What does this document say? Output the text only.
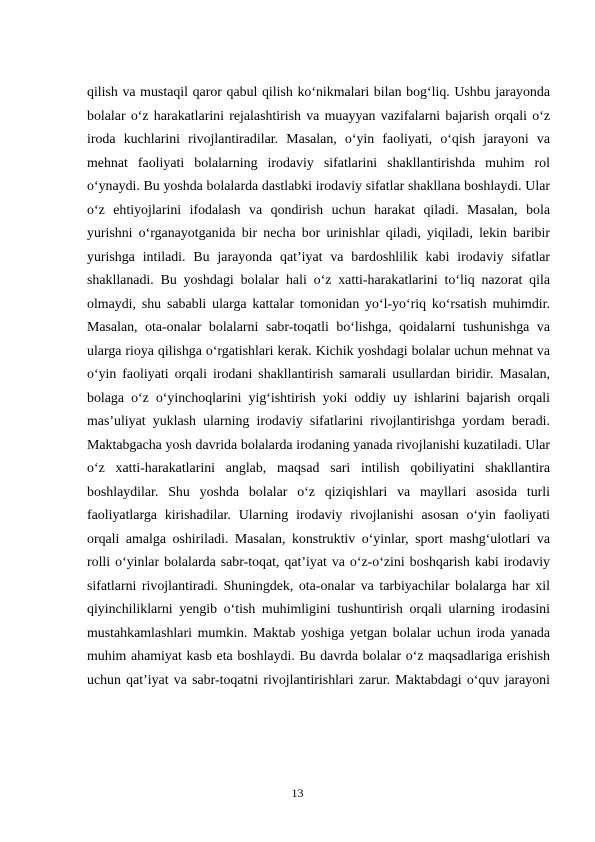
qilish va mustaqil qaror qabul qilish ko‘nikmalari bilan bog‘liq. Ushbu jarayonda
bolalar o‘z harakatlarini rejalashtirish va muayyan vazifalarni bajarish orqali o‘z
iroda kuchlarini rivojlantiradilar. Masalan, o‘yin faoliyati, o‘qish jarayoni va
mehnat faoliyati bolalarning irodaviy sifatlarini shakllantirishda muhim rol
o‘ynaydi. Bu yoshda bolalarda dastlabki irodaviy sifatlar shakllana boshlaydi. Ular
o‘z ehtiyojlarini ifodalash va qondirish uchun harakat qiladi. Masalan, bola
yurishni o‘rganayotganida bir necha bor urinishlar qiladi, yiqiladi, lekin baribir
yurishga intiladi. Bu jarayonda qat’iyat va bardoshlilik kabi irodaviy sifatlar
shakllanadi. Bu yoshdagi bolalar hali o‘z xatti-harakatlarini to‘liq nazorat qila
olmaydi, shu sababli ularga kattalar tomonidan yo‘l-yo‘riq ko‘rsatish muhimdir.
Masalan, ota-onalar bolalarni sabr-toqatli bo‘lishga, qoidalarni tushunishga va
ularga rioya qilishga o‘rgatishlari kerak. Kichik yoshdagi bolalar uchun mehnat va
o‘yin faoliyati orqali irodani shakllantirish samarali usullardan biridir. Masalan,
bolaga o‘z o‘yinchoqlarini yig‘ishtirish yoki oddiy uy ishlarini bajarish orqali
mas’uliyat yuklash ularning irodaviy sifatlarini rivojlantirishga yordam beradi.
Maktabgacha yosh davrida bolalarda irodaning yanada rivojlanishi kuzatiladi. Ular
o‘z xatti-harakatlarini anglab, maqsad sari intilish qobiliyatini shakllantira
boshlaydilar. Shu yoshda bolalar o‘z qiziqishlari va mayllari asosida turli
faoliyatlarga kirishadilar. Ularning irodaviy rivojlanishi asosan o‘yin faoliyati
orqali amalga oshiriladi. Masalan, konstruktiv o‘yinlar, sport mashg‘ulotlari va
rolli o‘yinlar bolalarda sabr-toqat, qat’iyat va o‘z-o‘zini boshqarish kabi irodaviy
sifatlarni rivojlantiradi. Shuningdek, ota-onalar va tarbiyachilar bolalarga har xil
qiyinchiliklarni yengib o‘tish muhimligini tushuntirish orqali ularning irodasini
mustahkamlashlari mumkin. Maktab yoshiga yetgan bolalar uchun iroda yanada
muhim ahamiyat kasb eta boshlaydi. Bu davrda bolalar o‘z maqsadlariga erishish
uchun qat’iyat va sabr-toqatni rivojlantirishlari zarur. Maktabdagi o‘quv jarayoni
13
